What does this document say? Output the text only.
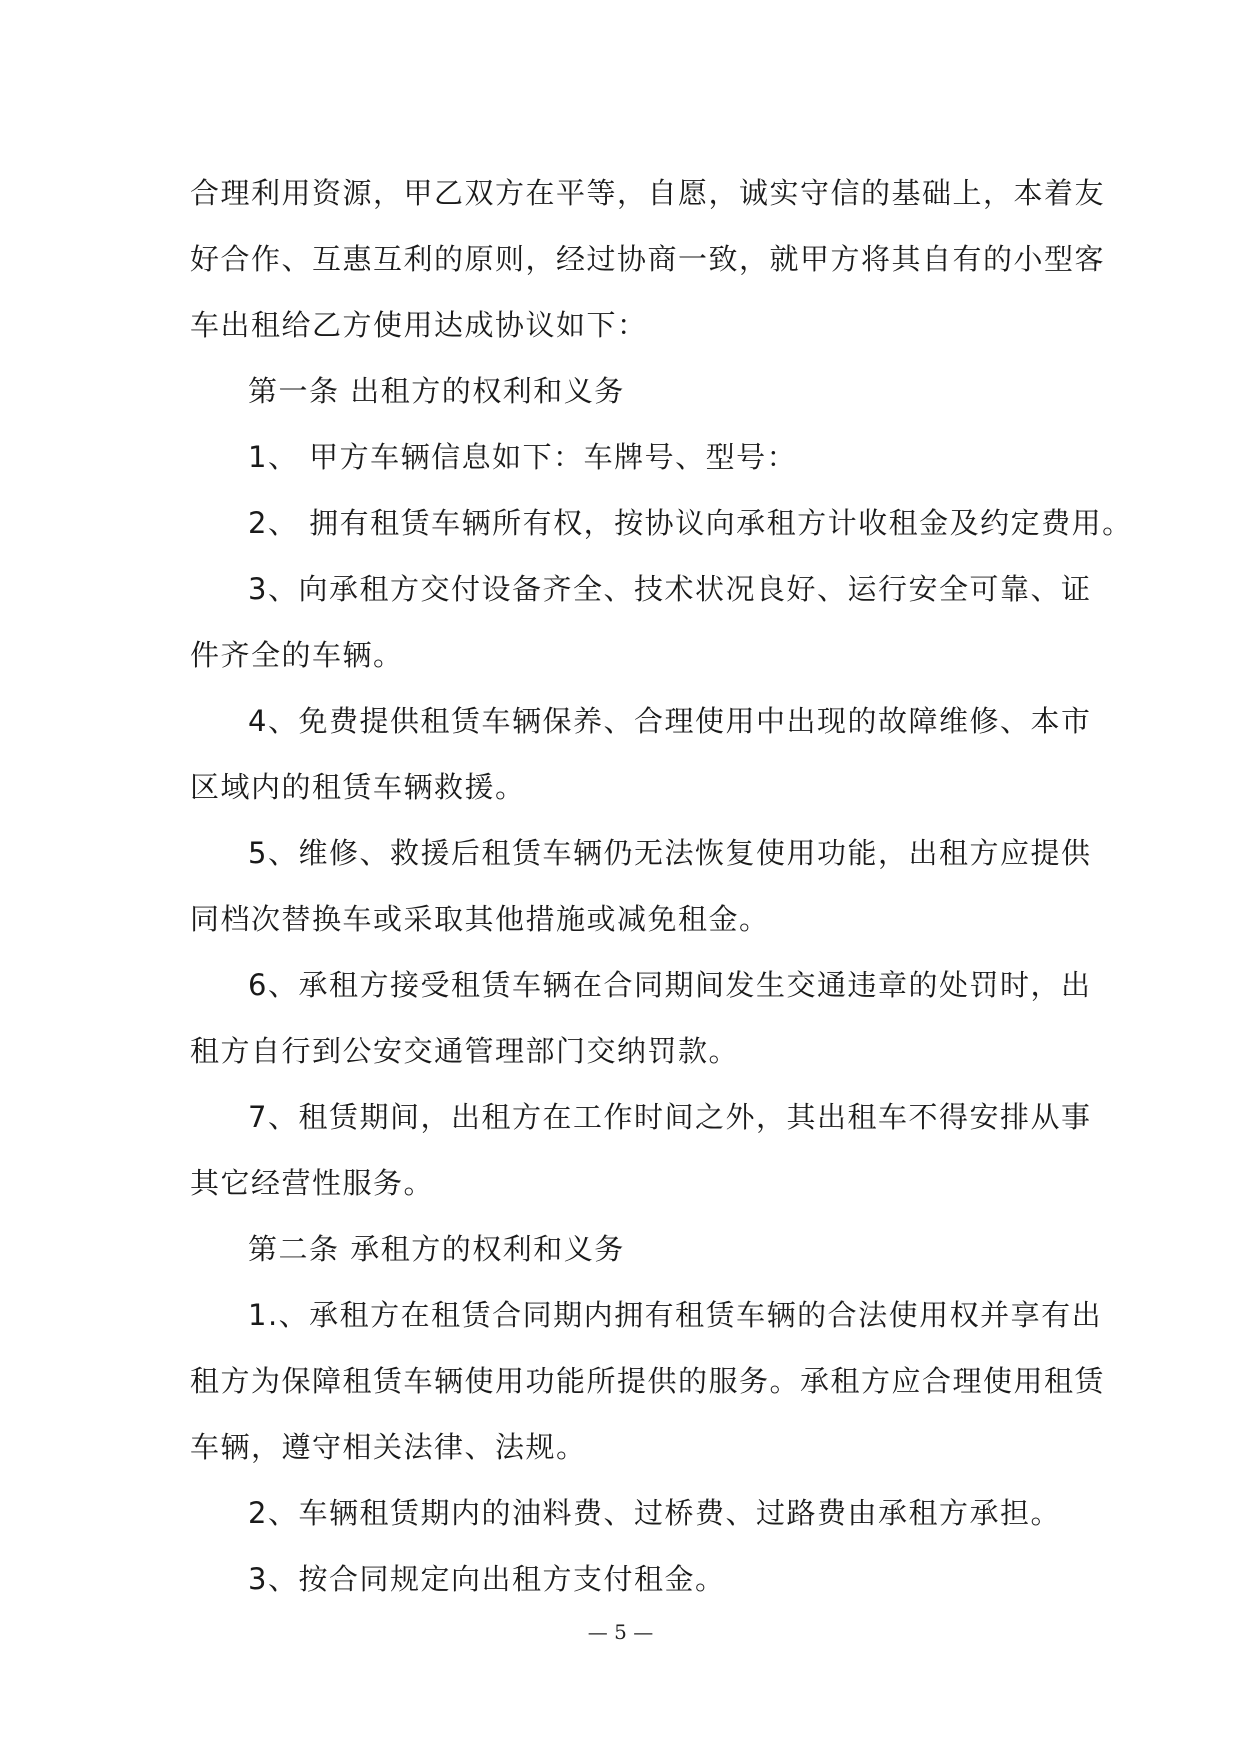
合理利用资源，甲乙双方在平等，自愿，诚实守信的基础上，本着友

好合作、互惠互利的原则，经过协商一致，就甲方将其自有的小型客

车出租给乙方使用达成协议如下：

第一条 出租方的权利和义务

1、 甲方车辆信息如下：车牌号、型号：

2、 拥有租赁车辆所有权，按协议向承租方计收租金及约定费用。

3、向承租方交付设备齐全、技术状况良好、运行安全可靠、证

件齐全的车辆。

4、免费提供租赁车辆保养、合理使用中出现的故障维修、本市

区域内的租赁车辆救援。

5、维修、救援后租赁车辆仍无法恢复使用功能，出租方应提供

同档次替换车或采取其他措施或减免租金。

6、承租方接受租赁车辆在合同期间发生交通违章的处罚时，出

租方自行到公安交通管理部门交纳罚款。

7、租赁期间，出租方在工作时间之外，其出租车不得安排从事

其它经营性服务。

第二条 承租方的权利和义务

1.、承租方在租赁合同期内拥有租赁车辆的合法使用权并享有出

租方为保障租赁车辆使用功能所提供的服务。承租方应合理使用租赁

车辆，遵守相关法律、法规。

2、车辆租赁期内的油料费、过桥费、过路费由承租方承担。

3、按合同规定向出租方支付租金。

— 5 —
